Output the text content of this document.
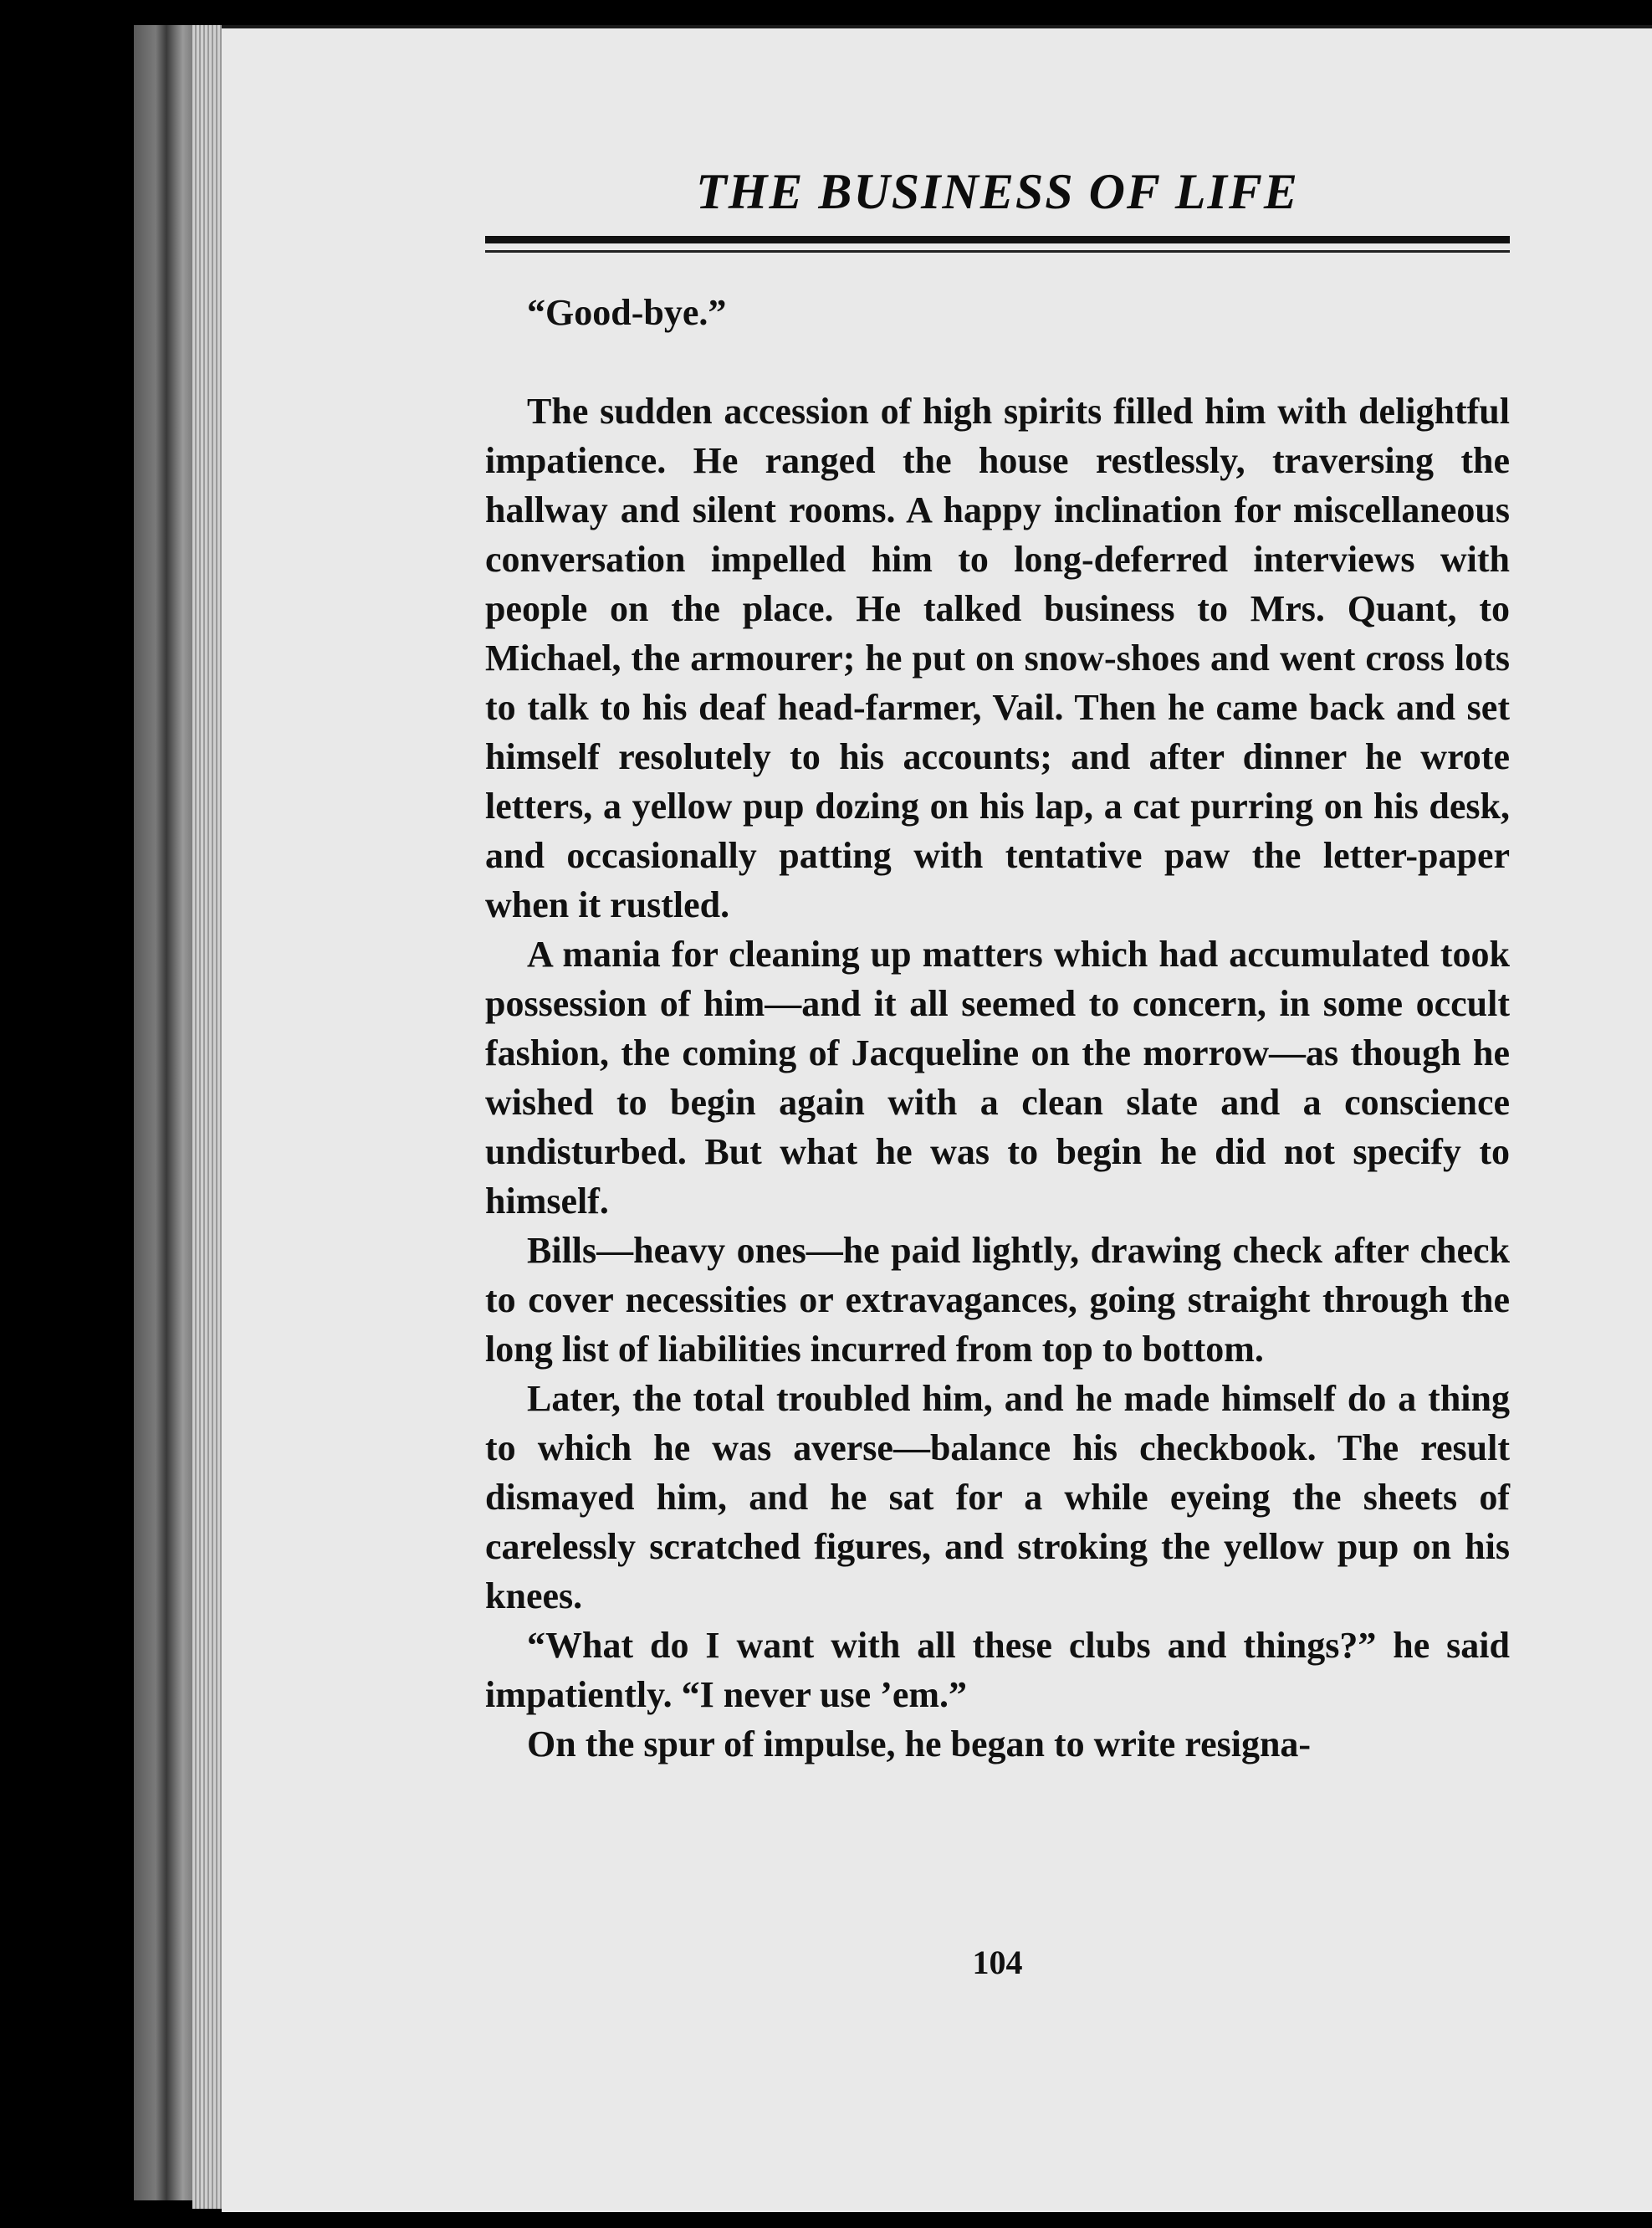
THE BUSINESS OF LIFE

“Good-bye.”

The sudden accession of high spirits filled him with delightful impatience. He ranged the house restlessly, traversing the hallway and silent rooms. A happy inclination for miscellaneous conversation impelled him to long-deferred interviews with people on the place. He talked business to Mrs. Quant, to Michael, the armourer; he put on snow-shoes and went cross lots to talk to his deaf head-farmer, Vail. Then he came back and set himself resolutely to his accounts; and after dinner he wrote letters, a yellow pup dozing on his lap, a cat purring on his desk, and occasionally patting with tentative paw the letter-paper when it rustled.

A mania for cleaning up matters which had accumulated took possession of him—and it all seemed to concern, in some occult fashion, the coming of Jacqueline on the morrow—as though he wished to begin again with a clean slate and a conscience undisturbed. But what he was to begin he did not specify to himself.

Bills—heavy ones—he paid lightly, drawing check after check to cover necessities or extravagances, going straight through the long list of liabilities incurred from top to bottom.

Later, the total troubled him, and he made himself do a thing to which he was averse—balance his checkbook. The result dismayed him, and he sat for a while eyeing the sheets of carelessly scratched figures, and stroking the yellow pup on his knees.

“What do I want with all these clubs and things?” he said impatiently. “I never use ’em.”

On the spur of impulse, he began to write resigna-

104
